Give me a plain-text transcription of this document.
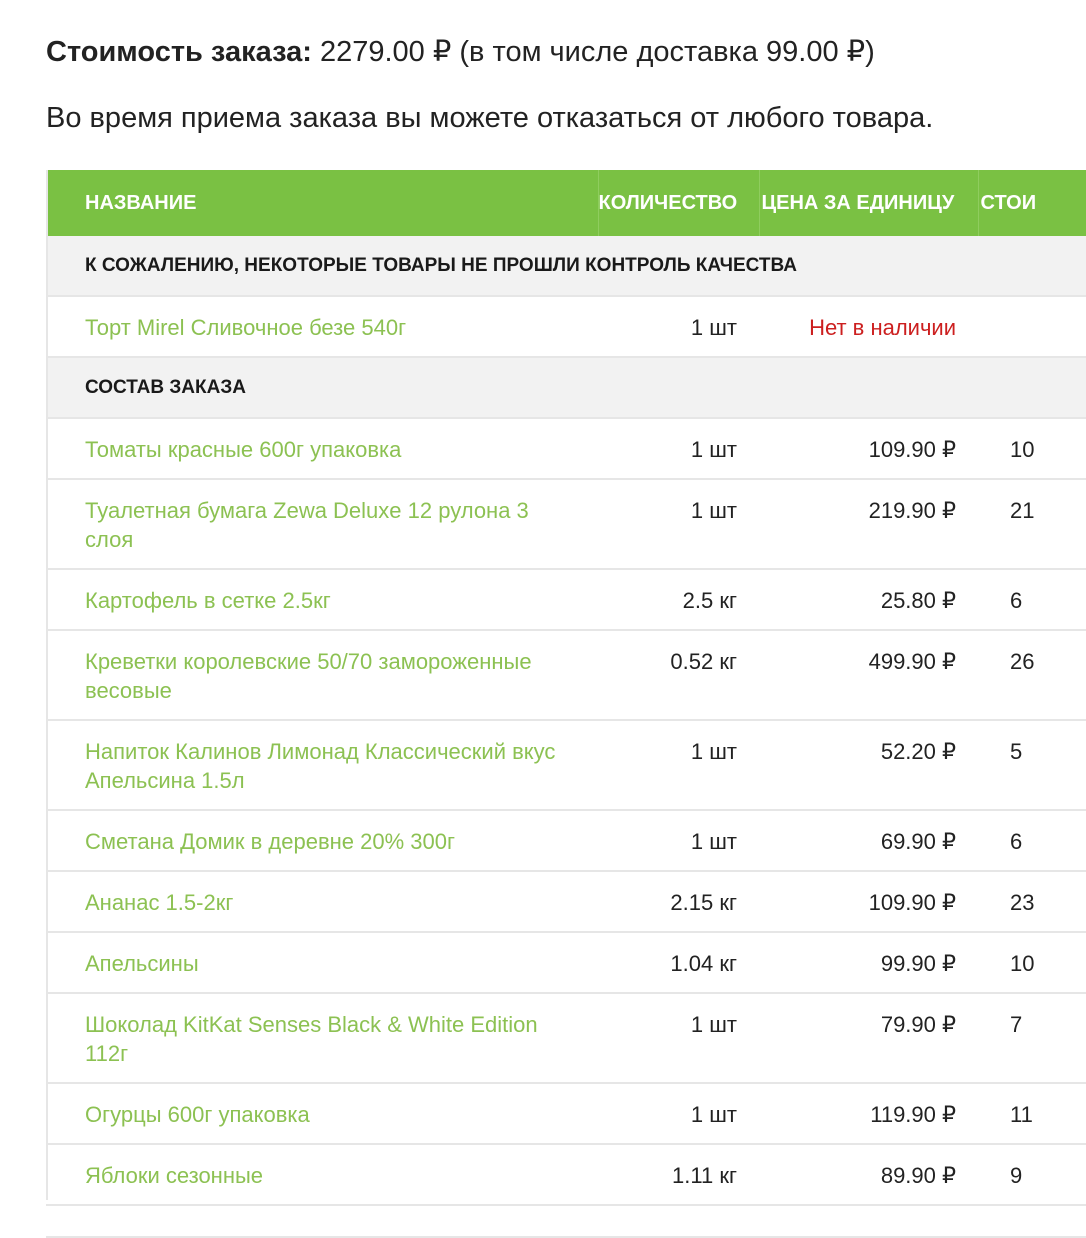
Стоимость заказа: 2279.00 ₽ (в том числе доставка 99.00 ₽)
Во время приема заказа вы можете отказаться от любого товара.
НАЗВАНИЕ	КОЛИЧЕСТВО	ЦЕНА ЗА ЕДИНИЦУ	СТОИ
К СОЖАЛЕНИЮ, НЕКОТОРЫЕ ТОВАРЫ НЕ ПРОШЛИ КОНТРОЛЬ КАЧЕСТВА			
Торт Mirel Сливочное безе 540г	1 шт	Нет в наличии	
СОСТАВ ЗАКАЗА			
Томаты красные 600г упаковка	1 шт	109.90 ₽	10
Туалетная бумага Zewa Deluxe 12 рулона 3 слоя	1 шт	219.90 ₽	21
Картофель в сетке 2.5кг	2.5 кг	25.80 ₽	6
Креветки королевские 50/70 замороженные весовые	0.52 кг	499.90 ₽	26
Напиток Калинов Лимонад Классический вкус Апельсина 1.5л	1 шт	52.20 ₽	5
Сметана Домик в деревне 20% 300г	1 шт	69.90 ₽	6
Ананас 1.5-2кг	2.15 кг	109.90 ₽	23
Апельсины	1.04 кг	99.90 ₽	10
Шоколад KitKat Senses Black & White Edition 112г	1 шт	79.90 ₽	7
Огурцы 600г упаковка	1 шт	119.90 ₽	11
Яблоки сезонные	1.11 кг	89.90 ₽	9
